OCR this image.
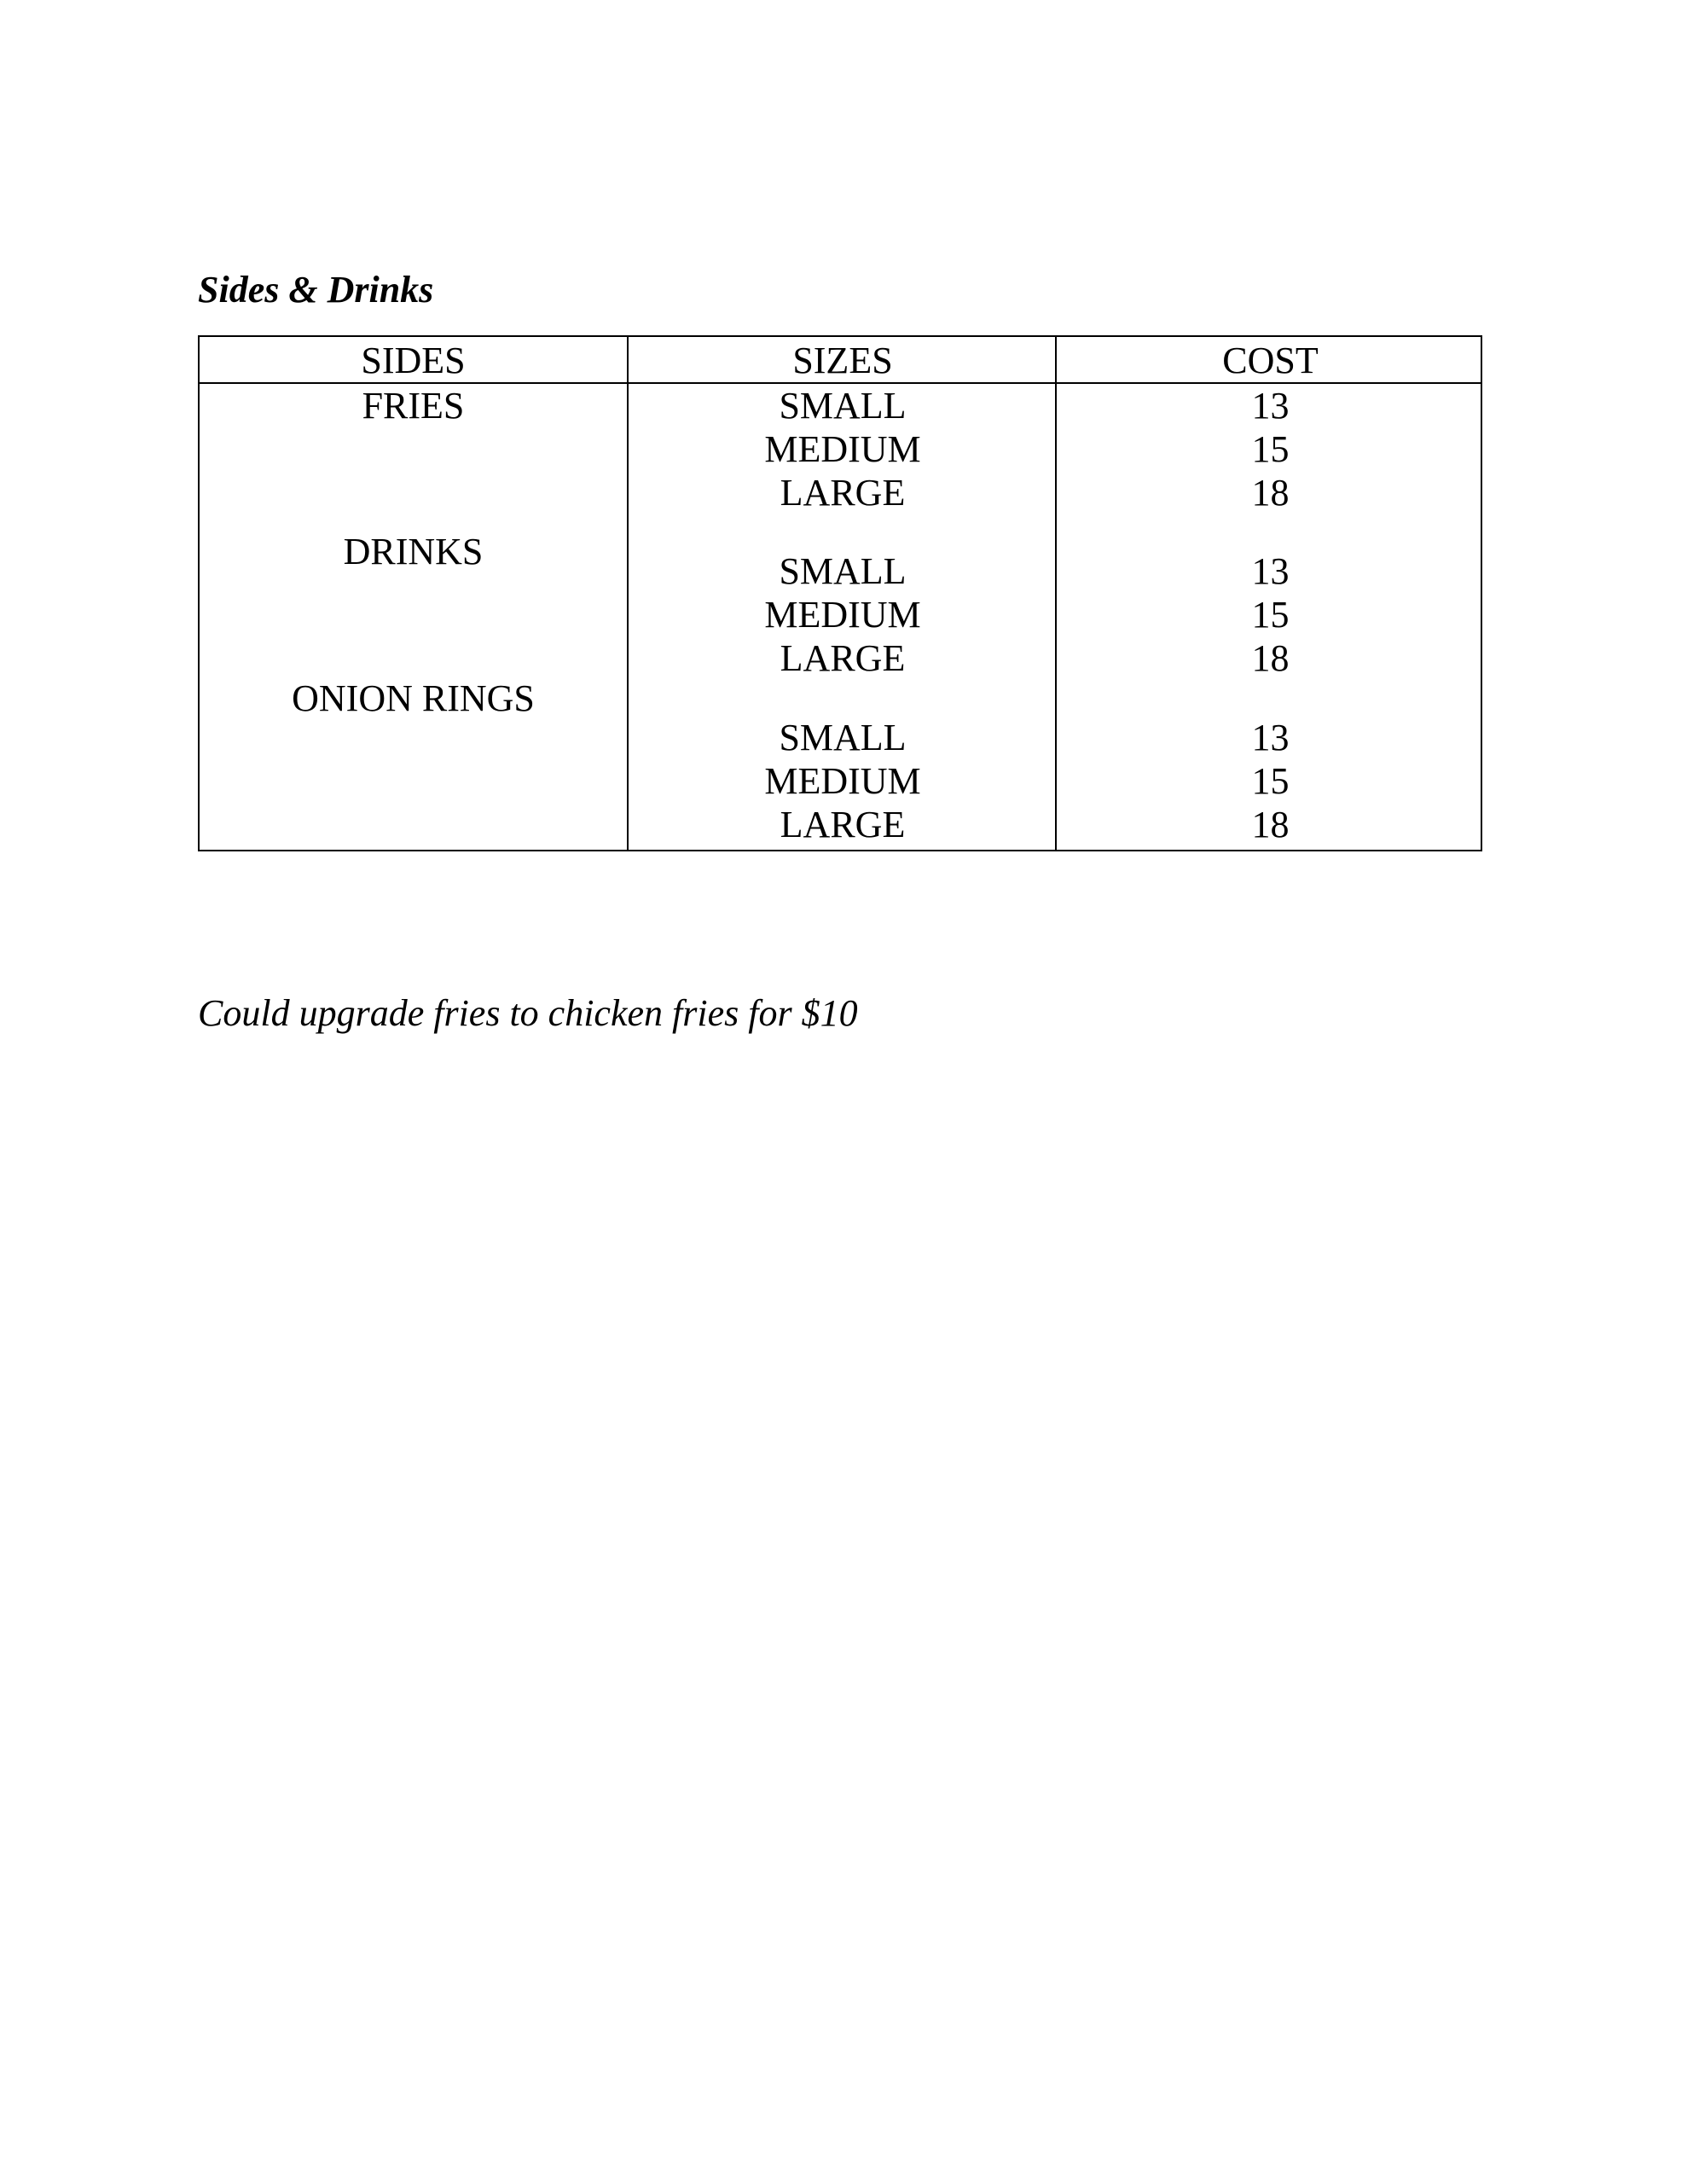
Sides & Drinks
SIDES
FRIES
DRINKS
ONION RINGS
SIZES
SMALL
MEDIUM
LARGE
SMALL
MEDIUM
LARGE
SMALL
MEDIUM
LARGE
COST
13
15
18
13
15
18
13
15
18
Could upgrade fries to chicken fries for $10
